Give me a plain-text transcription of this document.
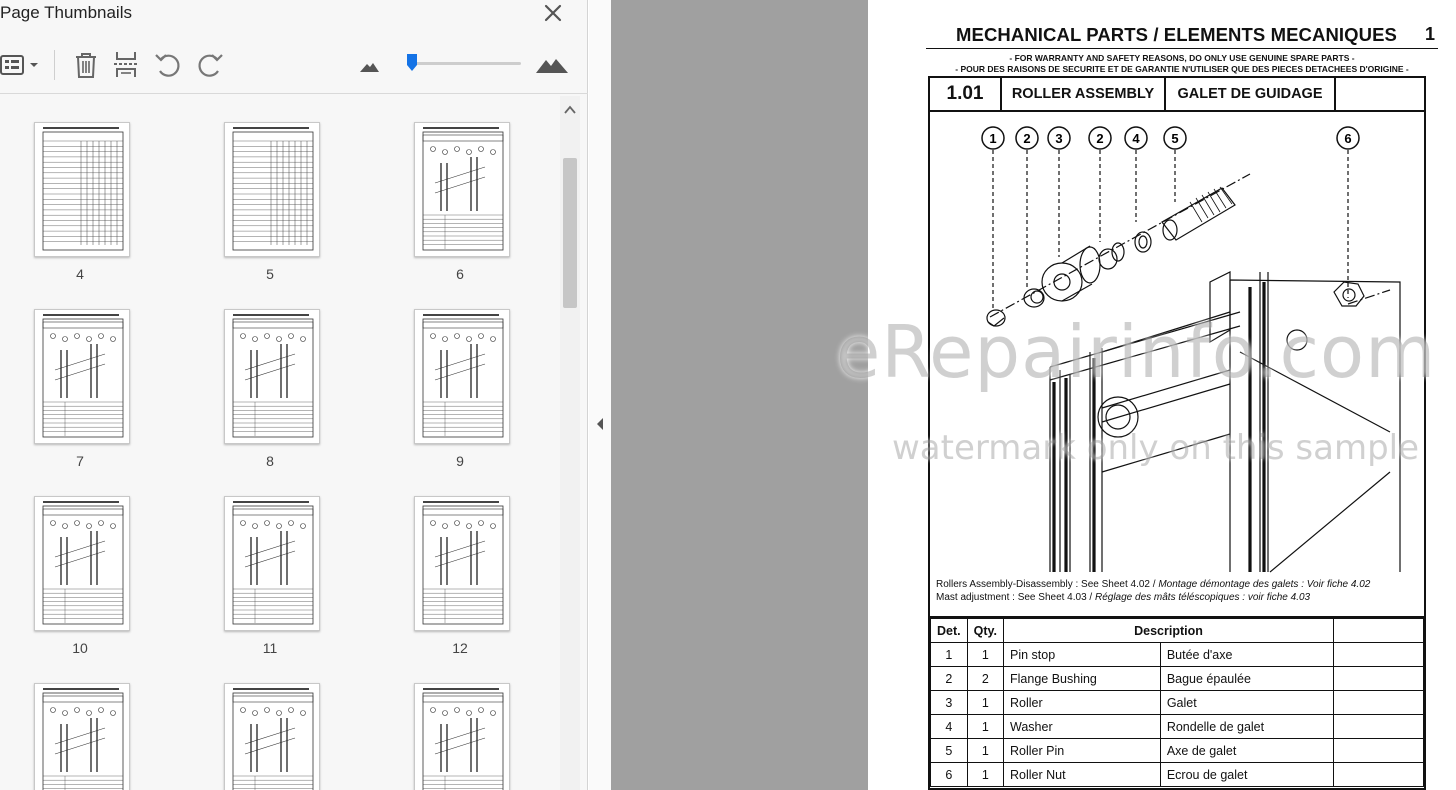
Page Thumbnails
4	5	6
7	8	9
10	11	12
MECHANICAL PARTS / ELEMENTS MECANIQUES 1
- FOR WARRANTY AND SAFETY REASONS, DO ONLY USE GENUINE SPARE PARTS -
- POUR DES RAISONS DE SECURITE ET DE GARANTIE N'UTILISER QUE DES PIECES DETACHEES D'ORIGINE -
1.01	ROLLER ASSEMBLY	GALET DE GUIDAGE
1 2 3	2 4 5	6
Rollers Assembly-Disassembly : See Sheet 4.02 / Montage démontage des galets : Voir fiche 4.02
Mast adjustment : See Sheet 4.03 / Réglage des mâts téléscopiques : voir fiche 4.03
Det.	Qty.	Description		
1	1	Pin stop	Butée d'axe	
2	2	Flange Bushing	Bague épaulée	
3	1	Roller	Galet	
4	1	Washer	Rondelle de galet	
5	1	Roller Pin	Axe de galet	
6	1	Roller Nut	Ecrou de galet	
eRepairinfo.com
watermark only on this sample
